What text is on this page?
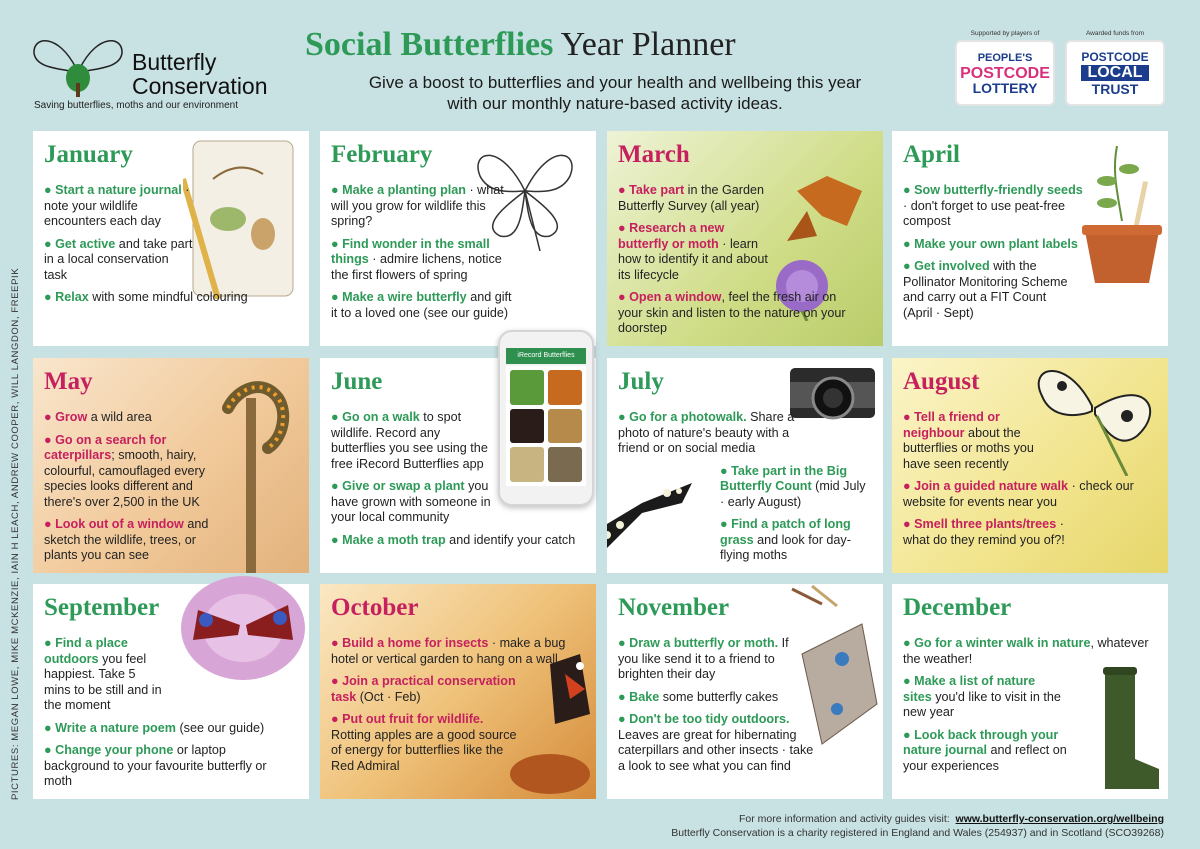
Butterfly Conservation
Saving butterflies, moths and our environment
Social Butterflies Year Planner
Give a boost to butterflies and your health and wellbeing this year with our monthly nature-based activity ideas.
Supported by players of
PEOPLE'S
POSTCODE
LOTTERY
Awarded funds from
POSTCODE
LOCAL
TRUST
PICTURES: MEGAN LOWE, MIKE MCKENZIE, IAIN H LEACH, ANDREW COOPER, WILL LANGDON, FREEPIK
January
● Start a nature journal · note your wildlife encounters each day
● Get active and take part in a local conservation task
● Relax with some mindful colouring
February
● Make a planting plan · what will you grow for wildlife this spring?
● Find wonder in the small things · admire lichens, notice the first flowers of spring
● Make a wire butterfly and gift it to a loved one (see our guide)
March
● Take part in the Garden Butterfly Survey (all year)
● Research a new butterfly or moth · learn how to identify it and about its lifecycle
● Open a window, feel the fresh air on your skin and listen to the nature on your doorstep
April
● Sow butterfly-friendly seeds · don't forget to use peat-free compost
● Make your own plant labels
● Get involved with the Pollinator Monitoring Scheme and carry out a FIT Count (April · Sept)
May
● Grow a wild area
● Go on a search for caterpillars; smooth, hairy, colourful, camouflaged every species looks different and there's over 2,500 in the UK
● Look out of a window and sketch the wildlife, trees, or plants you can see
June
● Go on a walk to spot wildlife. Record any butterflies you see using the free iRecord Butterflies app
● Give or swap a plant you have grown with someone in your local community
● Make a moth trap and identify your catch
July
● Go for a photowalk. Share a photo of nature's beauty with a friend or on social media
● Take part in the Big Butterfly Count (mid July · early August)
● Find a patch of long grass and look for day-flying moths
August
● Tell a friend or neighbour about the butterflies or moths you have seen recently
● Join a guided nature walk · check our website for events near you
● Smell three plants/trees · what do they remind you of?!
September
● Find a place outdoors you feel happiest. Take 5 mins to be still and in the moment
● Write a nature poem (see our guide)
● Change your phone or laptop background to your favourite butterfly or moth
October
● Build a home for insects · make a bug hotel or vertical garden to hang on a wall
● Join a practical conservation task (Oct · Feb)
● Put out fruit for wildlife. Rotting apples are a good source of energy for butterflies like the Red Admiral
November
● Draw a butterfly or moth. If you like send it to a friend to brighten their day
● Bake some butterfly cakes
● Don't be too tidy outdoors. Leaves are great for hibernating caterpillars and other insects · take a look to see what you can find
December
● Go for a winter walk in nature, whatever the weather!
● Make a list of nature sites you'd like to visit in the new year
● Look back through your nature journal and reflect on your experiences
iRecord Butterflies
For more information and activity guides visit: www.butterfly-conservation.org/wellbeing
Butterfly Conservation is a charity registered in England and Wales (254937) and in Scotland (SCO39268)
